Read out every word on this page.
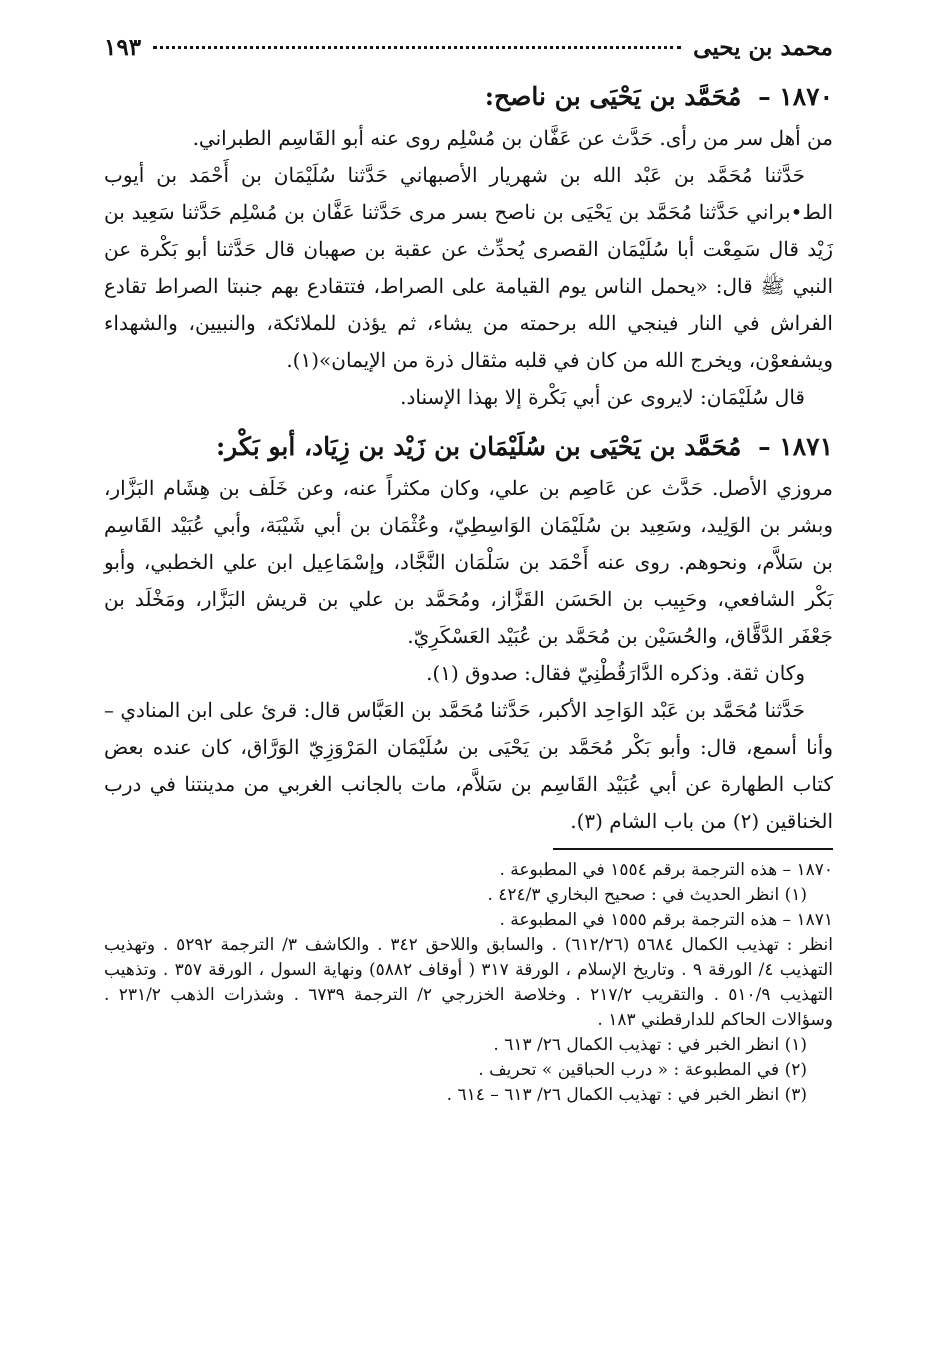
محمد بن يحيى
١٩٣
١٨٧٠ – مُحَمَّد بن يَحْيَى بن ناصح:

من أهل سر من رأى. حَدَّث عن عَفَّان بن مُسْلِم روى عنه أبو القَاسِم الطبراني.

حَدَّثنا مُحَمَّد بن عَبْد الله بن شهريار الأصبهاني حَدَّثنا سُلَيْمَان بن أَحْمَد بن أيوب الط•براني حَدَّثنا مُحَمَّد بن يَحْيَى بن ناصح بسر مرى حَدَّثنا عَفَّان بن مُسْلِم حَدَّثنا سَعِيد بن زَيْد قال سَمِعْت أبا سُلَيْمَان القصرى يُحدِّث عن عقبة بن صهبان قال حَدَّثنا أبو بَكْرة عن النبي ﷺ قال: «يحمل الناس يوم القيامة على الصراط، فتتقادع بهم جنبتا الصراط تقادع الفراش في النار فينجي الله برحمته من يشاء، ثم يؤذن للملائكة، والنبيين، والشهداء ويشفعوْن، ويخرج الله من كان في قلبه مثقال ذرة من الإيمان»(١).

قال سُلَيْمَان: لايروى عن أبي بَكْرة إلا بهذا الإسناد.

١٨٧١ – مُحَمَّد بن يَحْيَى بن سُلَيْمَان بن زَيْد بن زِيَاد، أبو بَكْر:

مروزي الأصل. حَدَّث عن عَاصِم بن علي، وكان مكثراً عنه، وعن خَلَف بن هِشَام البَزَّار، وبشر بن الوَلِيد، وسَعِيد بن سُلَيْمَان الوَاسِطِيّ، وعُثْمَان بن أبي شَيْبَة، وأبي عُبَيْد القَاسِم بن سَلاَّم، ونحوهم. روى عنه أَحْمَد بن سَلْمَان النَّجَّاد، وإسْمَاعِيل ابن علي الخطبي، وأبو بَكْر الشافعي، وحَبِيب بن الحَسَن القَزَّاز، ومُحَمَّد بن علي بن قريش البَزَّار، ومَخْلَد بن جَعْفَر الدَّقَّاق، والحُسَيْن بن مُحَمَّد بن عُبَيْد العَسْكَرِيّ.

وكان ثقة. وذكره الدَّارَقُطْنِيّ فقال: صدوق (١).

حَدَّثنا مُحَمَّد بن عَبْد الوَاحِد الأكبر، حَدَّثنا مُحَمَّد بن العَبَّاس قال: قرئ على ابن المنادي – وأنا أسمع، قال: وأبو بَكْر مُحَمَّد بن يَحْيَى بن سُلَيْمَان المَرْوَزِيّ الوَرَّاق، كان عنده بعض كتاب الطهارة عن أبي عُبَيْد القَاسِم بن سَلاَّم، مات بالجانب الغربي من مدينتنا في درب الخناقين (٢) من باب الشام (٣).

١٨٧٠ – هذه الترجمة برقم ١٥٥٤ في المطبوعة .

(١) انظر الحديث في : صحيح البخاري ٤٢٤/٣ .

١٨٧١ – هذه الترجمة برقم ١٥٥٥ في المطبوعة .

انظر : تهذيب الكمال ٥٦٨٤ (٦١٢/٢٦) . والسابق واللاحق ٣٤٢ . والكاشف ٣/ الترجمة ٥٢٩٢ . وتهذيب التهذيب ٤/ الورقة ٩ . وتاريخ الإسلام ، الورقة ٣١٧ ( أوقاف ٥٨٨٢) ونهاية السول ، الورقة ٣٥٧ . وتذهيب التهذيب ٥١٠/٩ . والتقريب ٢١٧/٢ . وخلاصة الخزرجي ٢/ الترجمة ٦٧٣٩ . وشذرات الذهب ٢٣١/٢ . وسؤالات الحاكم للدارقطني ١٨٣ .

(١) انظر الخبر في : تهذيب الكمال ٢٦/ ٦١٣ .

(٢) في المطبوعة : « درب الحباقين » تحريف .

(٣) انظر الخبر في : تهذيب الكمال ٢٦/ ٦١٣ – ٦١٤ .
